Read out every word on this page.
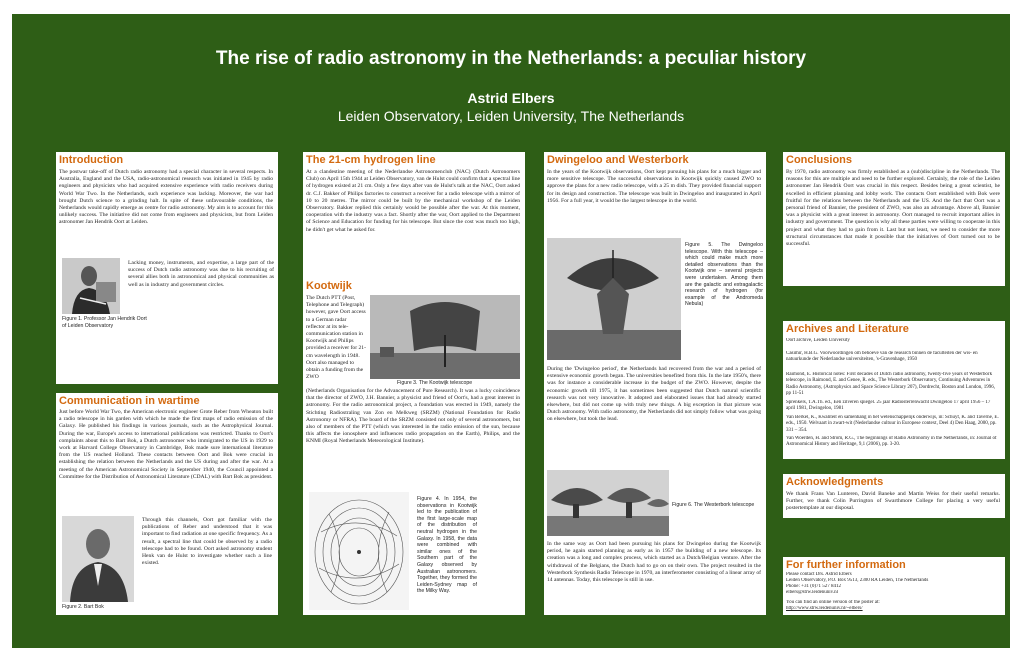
The rise of radio astronomy in the Netherlands: a peculiar history
Astrid Elbers
Leiden Observatory, Leiden University, The Netherlands
Introduction
The postwar take-off of Dutch radio astronomy had a special character in several respects. In Australia, England and the USA, radio-astronomical research was initiated in 1945 by radio engineers and physicists who had acquired extensive experience with radio receivers during World War Two. In the Netherlands, such experience was lacking. Moreover, the war had brought Dutch science to a grinding halt. In spite of these unfavourable conditions, the Netherlands would rapidly emerge as centre for radio astronomy. My aim is to account for this unlikely success. The initiative did not come from engineers and physicists, but from Leiden astronomer Jan Hendrik Oort at Leiden.
Lacking money, instruments, and expertise, a large part of the success of Dutch radio astronomy was due to his recruiting of several allies both in astronomical and physical communities as well as in industry and government circles.
Figure 1. Professor Jan Hendrik Oort of Leiden Observatory
Communication in wartime
Just before World War Two, the American electronic engineer Grote Reber from Wheaton built a radio telescope in his garden with which he made the first maps of radio emission of the Galaxy. He published his findings in various journals, such as the Astrophysical Journal. During the war, Europe's access to international publications was restricted. Thanks to Oort's complaints about this to Bart Bok, a Dutch astronomer who immigrated to the US in 1929 to work at Harvard College Observatory in Cambridge, Bok made sure international literature from the US reached Holland. These contacts between Oort and Bok were crucial in establishing the relation between the Netherlands and the US during and after the war. At a meeting of the American Astronomical Society in September 1940, the Council appointed a Committee for the Distribution of Astronomical Literature (CDAL) with Bart Bok as president.
Through this channels, Oort got familiar with the publications of Reber and understood that it was important to find radiation at one specific frequency. As a result, a spectral line that could be observed by a radio telescope had to be found. Oort asked astronomy student Henk van de Hulst to investigate whether such a line existed.
Figure 2. Bart Bok
The 21-cm hydrogen line
At a clandestine meeting of the Nederlandse Astronomenclub (NAC) (Dutch Astronomers Club) on April 15th 1944 at Leiden Observatory, van de Hulst could confirm that a spectral line of hydrogen existed at 21 cm. Only a few days after van de Hulst's talk at the NAC, Oort asked dr. C.J. Bakker of Philips factories to construct a receiver for a radio telescope with a mirror of 10 to 20 metres. The mirror could be built by the mechanical workshop of the Leiden Observatory. Bakker replied this certainly would be possible after the war. At this moment, cooperation with the industry was a fact. Shortly after the war, Oort applied to the Department of Science and Education for funding for his telescope. But since the cost was much too high, he didn't get what he asked for.
Kootwijk
The Dutch PTT (Post, Telephone and Telegraph) however, gave Oort access to a German radar reflector at its tele-communication station in Kootwijk and Philips provided a receiver for 21-cm wavelength in 1948. Oort also managed to obtain a funding from the ZWO
Figure 3. The Kootwijk telescope
(Netherlands Organisation for the Advancement of Pure Research). It was a lucky coincidence that the director of ZWO, J.H. Bannier, a physicist and friend of Oort's, had a great interest in astronomy. For the radio astronomical project, a foundation was erected in 1949, namely the Stichting Radiostraling van Zon en Melkweg (SRZM) (National Foundation for Radio Astronomy or NFRA). The board of the SRZM consisted not only of several astronomers, but also of members of the PTT (which was interested in the radio emission of the sun, because this affects the ionosphere and influences radio propagation on the Earth), Philips, and the KNMI (Royal Netherlands Meteorological Institute).
Figure 4. In 1954, the observations in Kootwijk led to the publication of the first large-scale map of the distribution of neutral hydrogen in the Galaxy. In 1958, the data were combined with similar ones of the Southern part of the Galaxy observed by Australian astronomers. Together, they formed the Leiden-Sydney map of the Milky Way.
Dwingeloo and Westerbork
In the years of the Kootwijk observations, Oort kept pursuing his plans for a much bigger and more sensitive telescope. The successful observations in Kootwijk quickly caused ZWO to approve the plans for a new radio telescope, with a 25 m dish. They provided financial support for its design and construction. The telescope was built in Dwingeloo and inaugurated in April 1956. For a full year, it would be the largest telescope in the world.
Figure 5. The Dwingeloo telescope. With this telescope – which could make much more detailed observations than the Kootwijk one – several projects were undertaken. Among them are the galactic and extragalactic research of hydrogen (for example of the Andromeda Nebula)
During the 'Dwingeloo period', the Netherlands had recovered from the war and a period of extensive economic growth began. The universities benefited from this. In the late 1950's, there was for instance a considerable increase in the budget of the ZWO. However, despite the economic growth till 1975, it has sometimes been suggested that Dutch natural scientific research was not very innovative. It adopted and elaborated issues that had already started elsewhere, but did not come up with truly new things. A big exception in that picture was Dutch astronomy. With radio astronomy, the Netherlands did not simply follow what was going on elsewhere, but took the lead.
Figure 6. The Westerbork telescope
In the same way as Oort had been pursuing his plans for Dwingeloo during the Kootwijk period, he again started planning as early as in 1957 the building of a new telescope. Its creation was a long and complex process, which started as a Dutch/Belgian venture. After the withdrawal of the Belgians, the Dutch had to go on on their own. The project resulted in the Westerbork Synthesis Radio Telescope in 1970, an interferometer consisting of a linear array of 14 antennas. Today, this telescope is still in use.
Conclusions
By 1970, radio astronomy was firmly established as a (sub)discipline in the Netherlands. The reasons for this are multiple and need to be further explored. Certainly, the role of the Leiden astronomer Jan Hendrik Oort was crucial in this respect. Besides being a great scientist, he excelled in efficient planning and lobby work. The contacts Oort established with Bok were fruitful for the relations between the Netherlands and the US. And the fact that Oort was a personal friend of Bannier, the president of ZWO, was also an advantage. Above all, Bannier was a physicist with a great interest in astronomy. Oort managed to recruit important allies in industry and government. The question is why all these parties were willing to cooperate in this project and what they had to gain from it. Last but not least, we need to consider the more structural circumstances that made it possible that the initiatives of Oort turned out to be successful.
Archives and Literature
Oort archive, Leiden University
Casimir, H.B.G. Voorwoordingen om behoeve van de research binnen de faculteiten der wis- en natuurkunde der Nederlandse universiteiten, 's-Gravenhage, 1950
Raimond, E. Historical notes: First decades of Dutch radio astronomy, twenty-five years of Westerbork telescope, in Raimond, E. and Genee, R. eds., The Westerbork Observatory, Continuing Adventures in Radio Astronomy, (Astrophysics and Space Science Library 207), Dordrecht, Boston and London, 1996, pp 11-51
Sprenkels, T.A.Th. ed., Een zilveren spiegel. 25 jaar Radiosterrenwacht Dwingeloo 17 april 1956 – 17 april 1981, Dwingeloo, 1981
Van Berkel, K., Kwaliteit en samenhang in het wetenschappelijk onderwijs, in: Schuyt, K. and Taverne, E. eds., 1950. Welvaart in zwart-wit (Nederlandse cultuur in Europese context, Deel 4) Den Haag, 2000, pp. 331 – 354.
Van Woerden, H. and Strom, R.G., The beginnings of Radio Astronomy in the Netherlands, in: Journal of Astronomical History and Heritage, 9,1 (2006), pp. 3-20.
Acknowledgments
We thank Frans Van Lunteren, David Baneke and Martin Weiss for their useful remarks. Further, we thank Colin Purrington of Swarthmore College for placing a very useful postertemplate at our disposal.
For further information
Please contact Drs. Astrid Elbers
Leiden Observatory, P.O. Box 9513, 2300 RA Leiden, The Netherlands
Phone: +31 (0)71 527 8412
elbers@strw.leidenuniv.nl
You can find an online version of the poster at:
http://www.strw.leidenuniv.nl/~elbers/
